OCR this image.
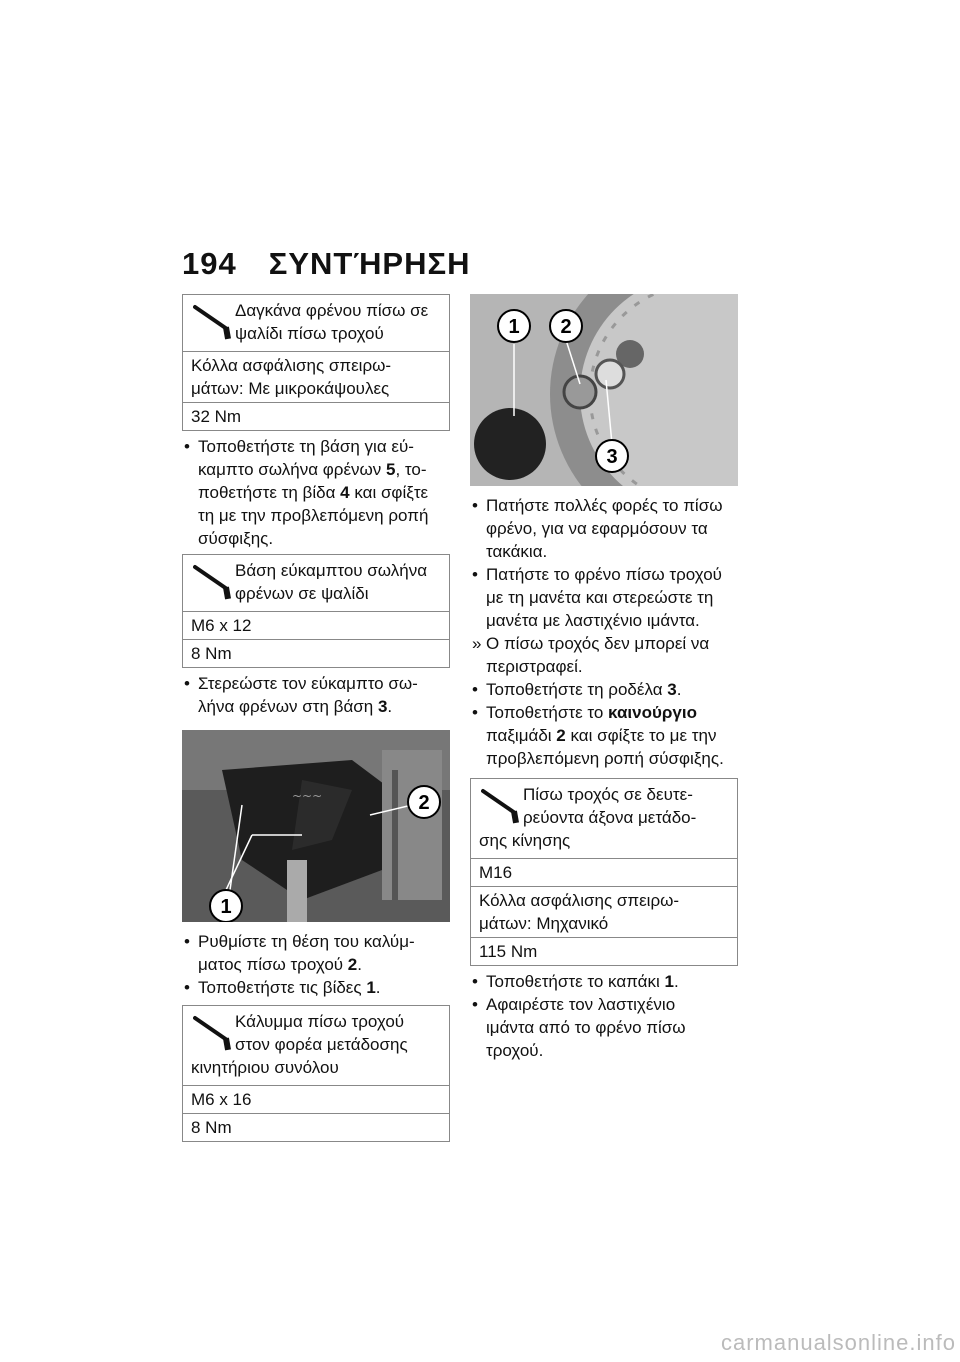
194 ΣΥΝΤΉΡΗΣΗ
Δαγκάνα φρένου πίσω σε
ψαλίδι πίσω τροχού
Κόλλα ασφάλισης σπειρω-
μάτων: Με μικροκάψουλες
32 Nm
• Τοποθετήστε τη βάση για εύ-
καμπτο σωλήνα φρένων 5, το-
ποθετήστε τη βίδα 4 και σφίξτε
τη με την προβλεπόμενη ροπή
σύσφιξης.
Βάση εύκαμπτου σωλήνα
φρένων σε ψαλίδι
M6 x 12
8 Nm
• Στερεώστε τον εύκαμπτο σω-
λήνα φρένων στη βάση 3.
~~~
1
2
• Ρυθμίστε τη θέση του καλύμ-
ματος πίσω τροχού 2.
• Τοποθετήστε τις βίδες 1.
Κάλυμμα πίσω τροχού
στον φορέα μετάδοσης
κινητήριου συνόλου
M6 x 16
8 Nm
1 2
3
• Πατήστε πολλές φορές το πίσω
φρένο, για να εφαρμόσουν τα
τακάκια.
• Πατήστε το φρένο πίσω τροχού
με τη μανέτα και στερεώστε τη
μανέτα με λαστιχένιο ιμάντα.
» Ο πίσω τροχός δεν μπορεί να
περιστραφεί.
• Τοποθετήστε τη ροδέλα 3.
• Τοποθετήστε το καινούργιο
παξιμάδι 2 και σφίξτε το με την
προβλεπόμενη ροπή σύσφιξης.
Πίσω τροχός σε δευτε-
ρεύοντα άξονα μετάδο-
σης κίνησης
M16
Κόλλα ασφάλισης σπειρω-
μάτων: Μηχανικό
115 Nm
• Τοποθετήστε το καπάκι 1.
• Αφαιρέστε τον λαστιχένιο
ιμάντα από το φρένο πίσω
τροχού.
carmanualsonline.info
